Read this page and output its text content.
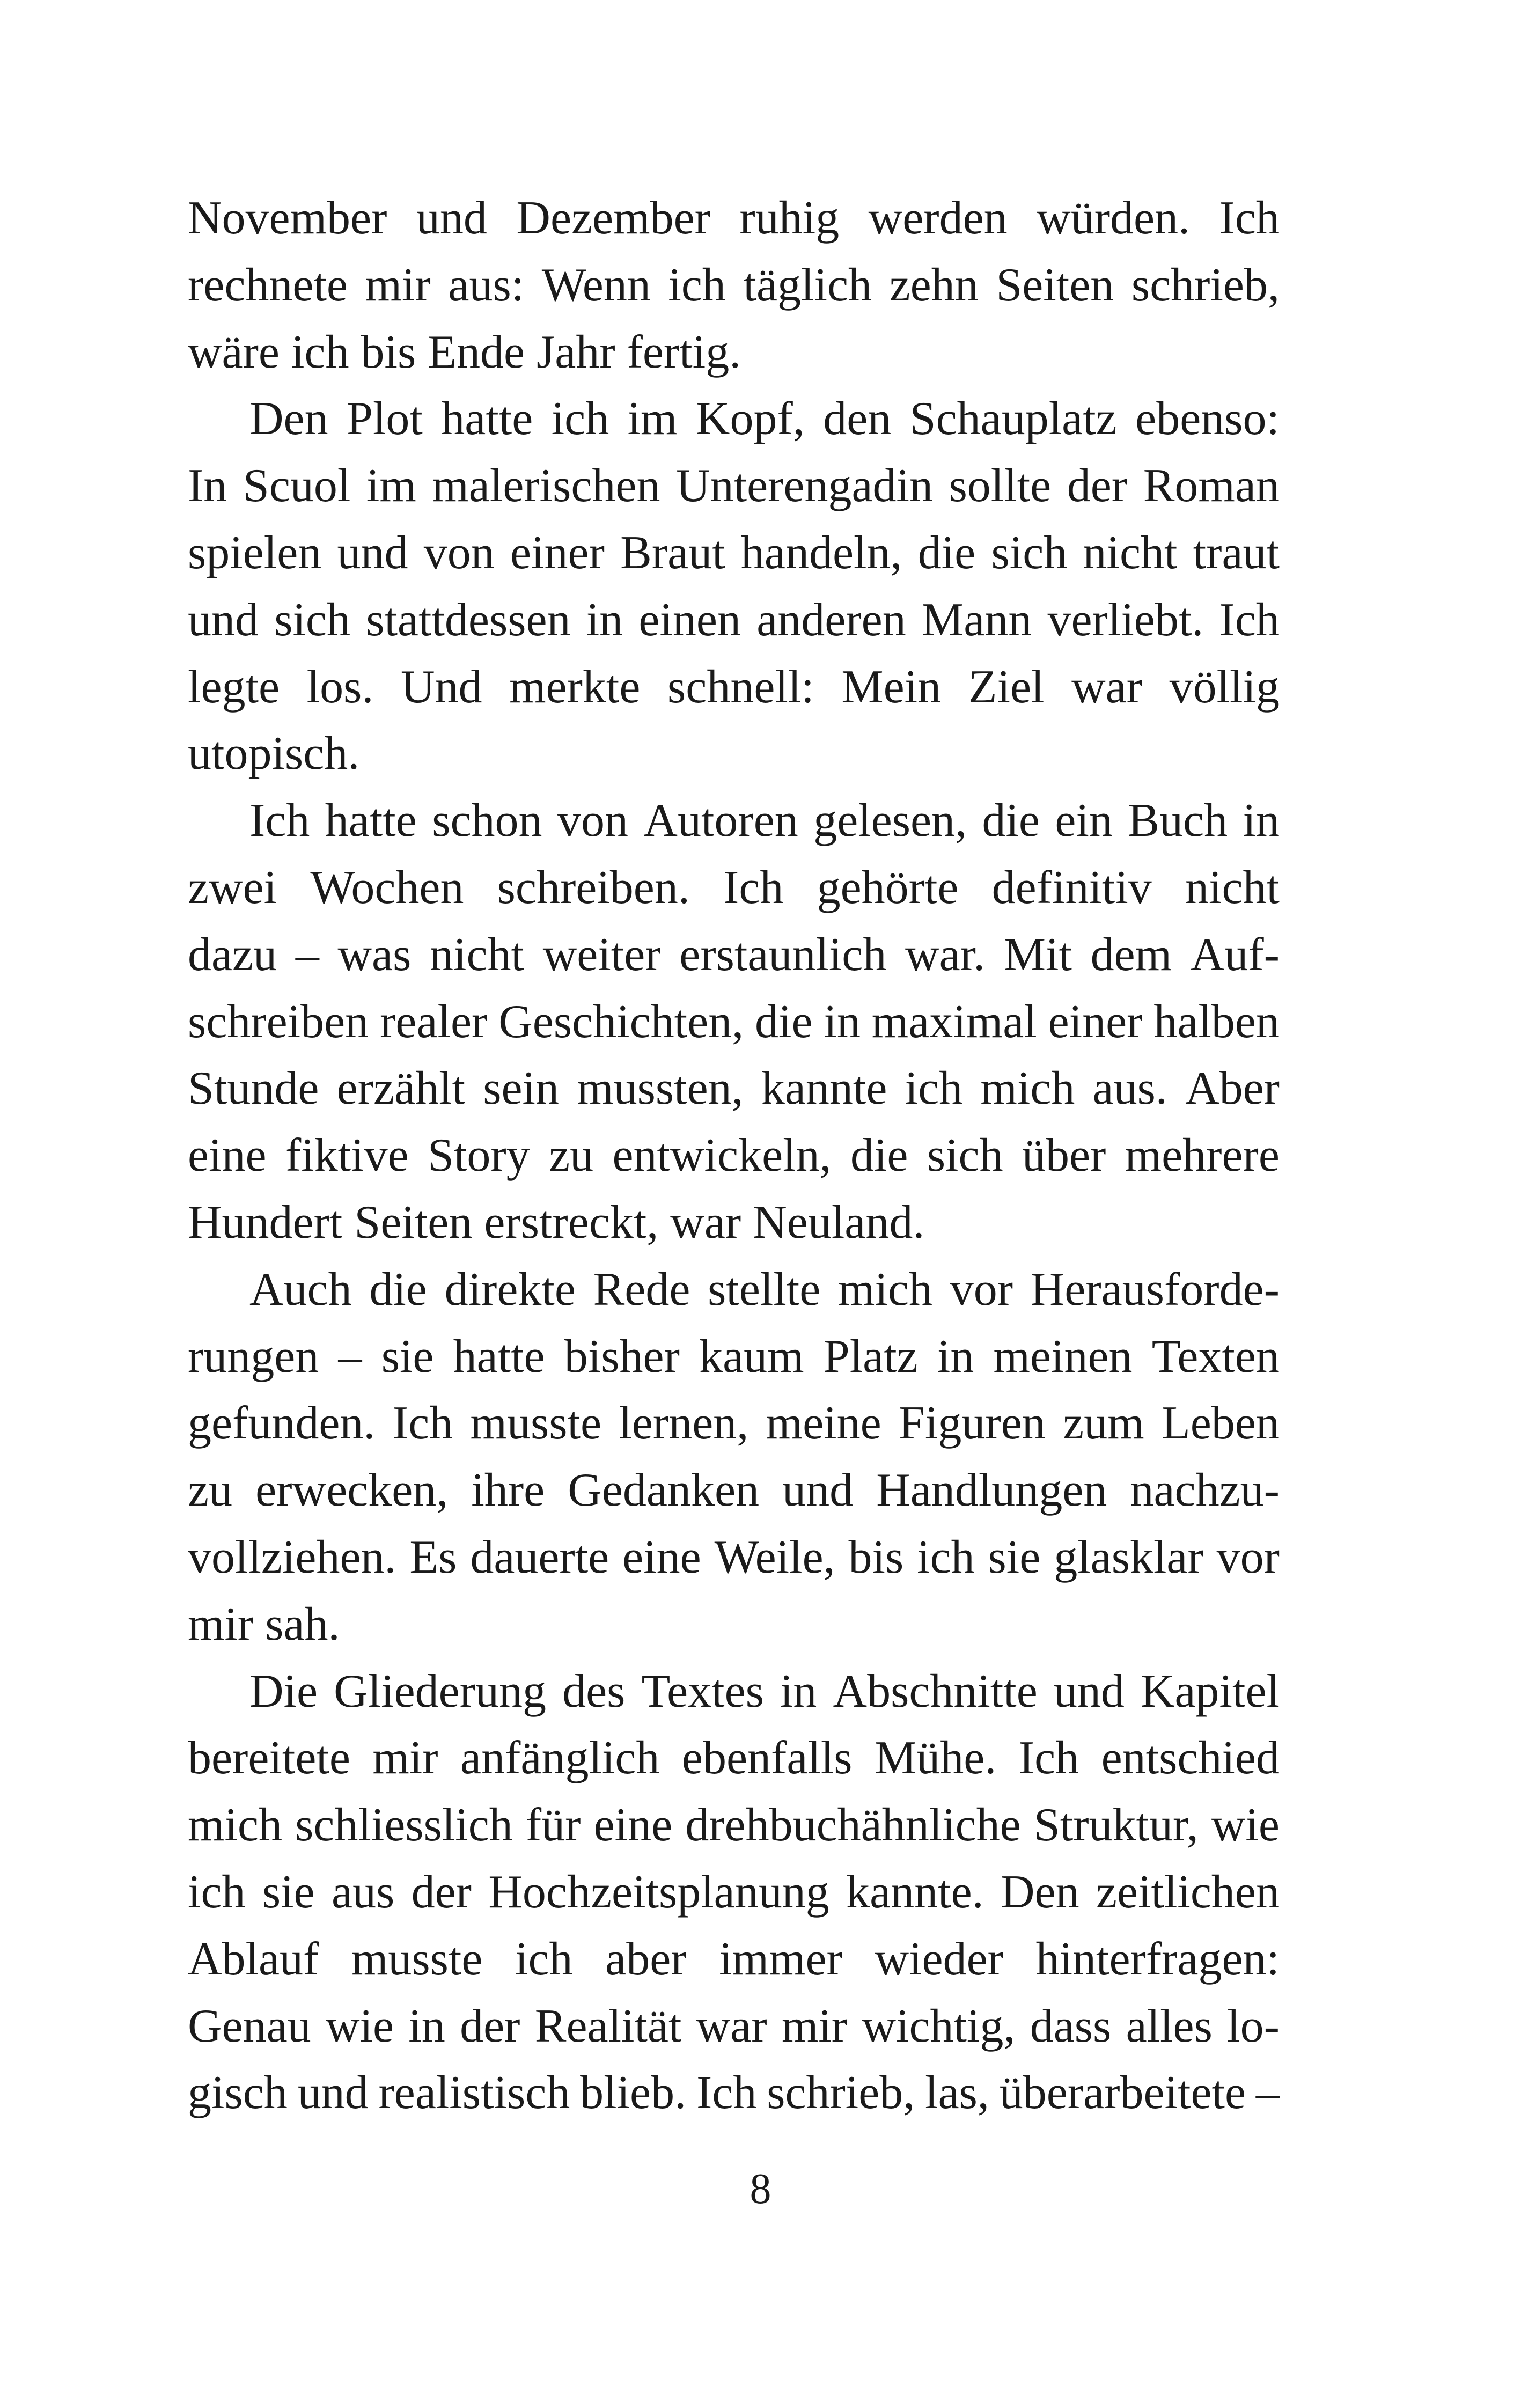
November und Dezember ruhig werden würden. Ich
rechnete mir aus: Wenn ich täglich zehn Seiten schrieb,
wäre ich bis Ende Jahr fertig.
Den Plot hatte ich im Kopf, den Schauplatz ebenso:
In Scuol im malerischen Unterengadin sollte der Roman
spielen und von einer Braut handeln, die sich nicht traut
und sich stattdessen in einen anderen Mann verliebt. Ich
legte los. Und merkte schnell: Mein Ziel war völlig
utopisch.
Ich hatte schon von Autoren gelesen, die ein Buch in
zwei Wochen schreiben. Ich gehörte definitiv nicht
dazu – was nicht weiter erstaunlich war. Mit dem Auf-
schreiben realer Geschichten, die in maximal einer halben
Stunde erzählt sein mussten, kannte ich mich aus. Aber
eine fiktive Story zu entwickeln, die sich über mehrere
Hundert Seiten erstreckt, war Neuland.
Auch die direkte Rede stellte mich vor Herausforde-
rungen – sie hatte bisher kaum Platz in meinen Texten
gefunden. Ich musste lernen, meine Figuren zum Leben
zu erwecken, ihre Gedanken und Handlungen nachzu-
vollziehen. Es dauerte eine Weile, bis ich sie glasklar vor
mir sah.
Die Gliederung des Textes in Abschnitte und Kapitel
bereitete mir anfänglich ebenfalls Mühe. Ich entschied
mich schliesslich für eine drehbuchähnliche Struktur, wie
ich sie aus der Hochzeitsplanung kannte. Den zeitlichen
Ablauf musste ich aber immer wieder hinterfragen:
Genau wie in der Realität war mir wichtig, dass alles lo-
gisch und realistisch blieb. Ich schrieb, las, überarbeitete –
8
